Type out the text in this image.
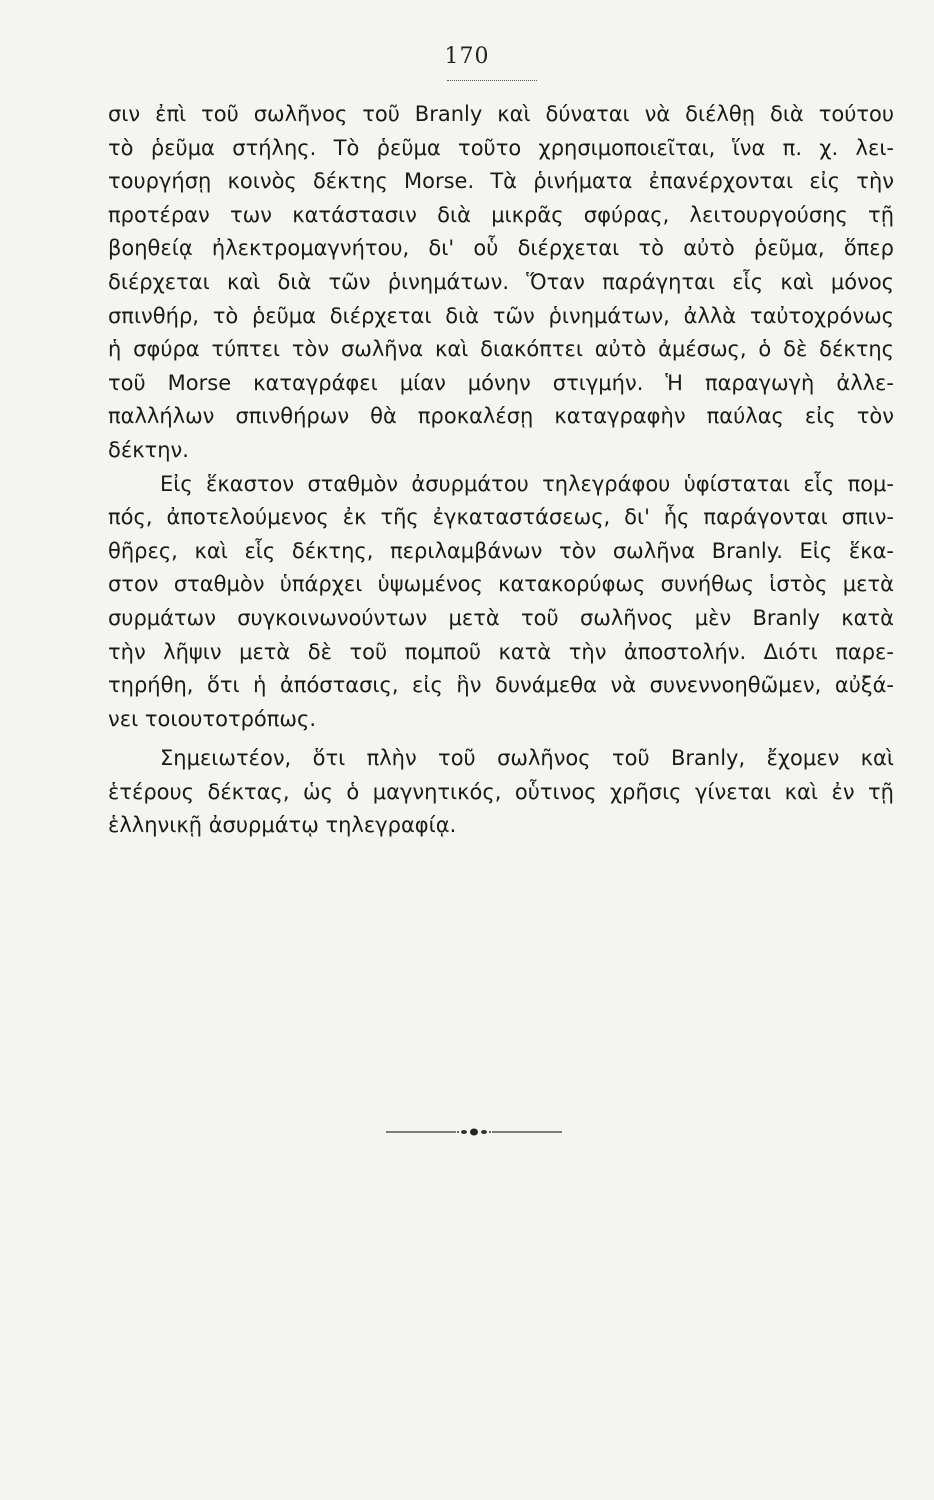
170

σιν ἐπὶ τοῦ σωλῆνος τοῦ Branly καὶ δύναται νὰ διέλθῃ διὰ τούτου
τὸ ῥεῦμα στήλης. Τὸ ῥεῦμα τοῦτο χρησιμοποιεῖται, ἵνα π. χ. λει-
τουργήσῃ κοινὸς δέκτης Morse. Τὰ ῥινήματα ἐπανέρχονται εἰς τὴν
προτέραν των κατάστασιν διὰ μικρᾶς σφύρας, λειτουργούσης τῇ
βοηθείᾳ ἠλεκτρομαγνήτου, δι' οὗ διέρχεται τὸ αὐτὸ ῥεῦμα, ὅπερ
διέρχεται καὶ διὰ τῶν ῥινημάτων. Ὅταν παράγηται εἷς καὶ μόνος
σπινθήρ, τὸ ῥεῦμα διέρχεται διὰ τῶν ῥινημάτων, ἀλλὰ ταὐτοχρόνως
ἡ σφύρα τύπτει τὸν σωλῆνα καὶ διακόπτει αὐτὸ ἀμέσως, ὁ δὲ δέκτης
τοῦ Morse καταγράφει μίαν μόνην στιγμήν. Ἡ παραγωγὴ ἀλλε-
παλλήλων σπινθήρων θὰ προκαλέσῃ καταγραφὴν παύλας εἰς τὸν
δέκτην.

Εἰς ἕκαστον σταθμὸν ἀσυρμάτου τηλεγράφου ὑφίσταται εἷς πομ-
πός, ἀποτελούμενος ἐκ τῆς ἐγκαταστάσεως, δι' ἧς παράγονται σπιν-
θῆρες, καὶ εἷς δέκτης, περιλαμβάνων τὸν σωλῆνα Branly. Εἰς ἕκα-
στον σταθμὸν ὑπάρχει ὑψωμένος κατακορύφως συνήθως ἱστὸς μετὰ
συρμάτων συγκοινωνούντων μετὰ τοῦ σωλῆνος μὲν Branly κατὰ
τὴν λῆψιν μετὰ δὲ τοῦ πομποῦ κατὰ τὴν ἀποστολήν. Διότι παρε-
τηρήθη, ὅτι ἡ ἀπόστασις, εἰς ἣν δυνάμεθα νὰ συνεννοηθῶμεν, αὐξά-
νει τοιουτοτρόπως.

Σημειωτέον, ὅτι πλὴν τοῦ σωλῆνος τοῦ Branly, ἔχομεν καὶ
ἑτέρους δέκτας, ὡς ὁ μαγνητικός, οὗτινος χρῆσις γίνεται καὶ ἐν τῇ
ἑλληνικῇ ἀσυρμάτῳ τηλεγραφίᾳ.
